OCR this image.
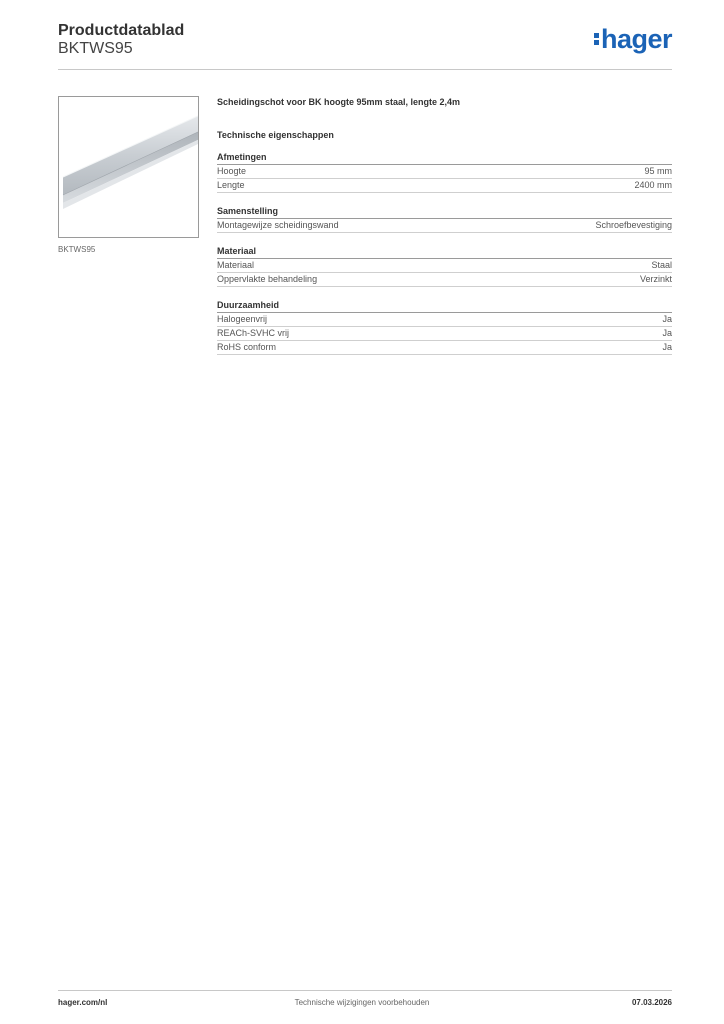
Productdatablad
BKTWS95	hager
BKTWS95
Scheidingschot voor BK hoogte 95mm staal, lengte 2,4m
Technische eigenschappen
Afmetingen
Hoogte	95 mm
Lengte	2400 mm
Samenstelling
Montagewijze scheidingswand	Schroefbevestiging
Materiaal
Materiaal	Staal
Oppervlakte behandeling	Verzinkt
Duurzaamheid
Halogeenvrij	Ja
REACh-SVHC vrij	Ja
RoHS conform	Ja
hager.com/nl	Technische wijzigingen voorbehouden	07.03.2026
